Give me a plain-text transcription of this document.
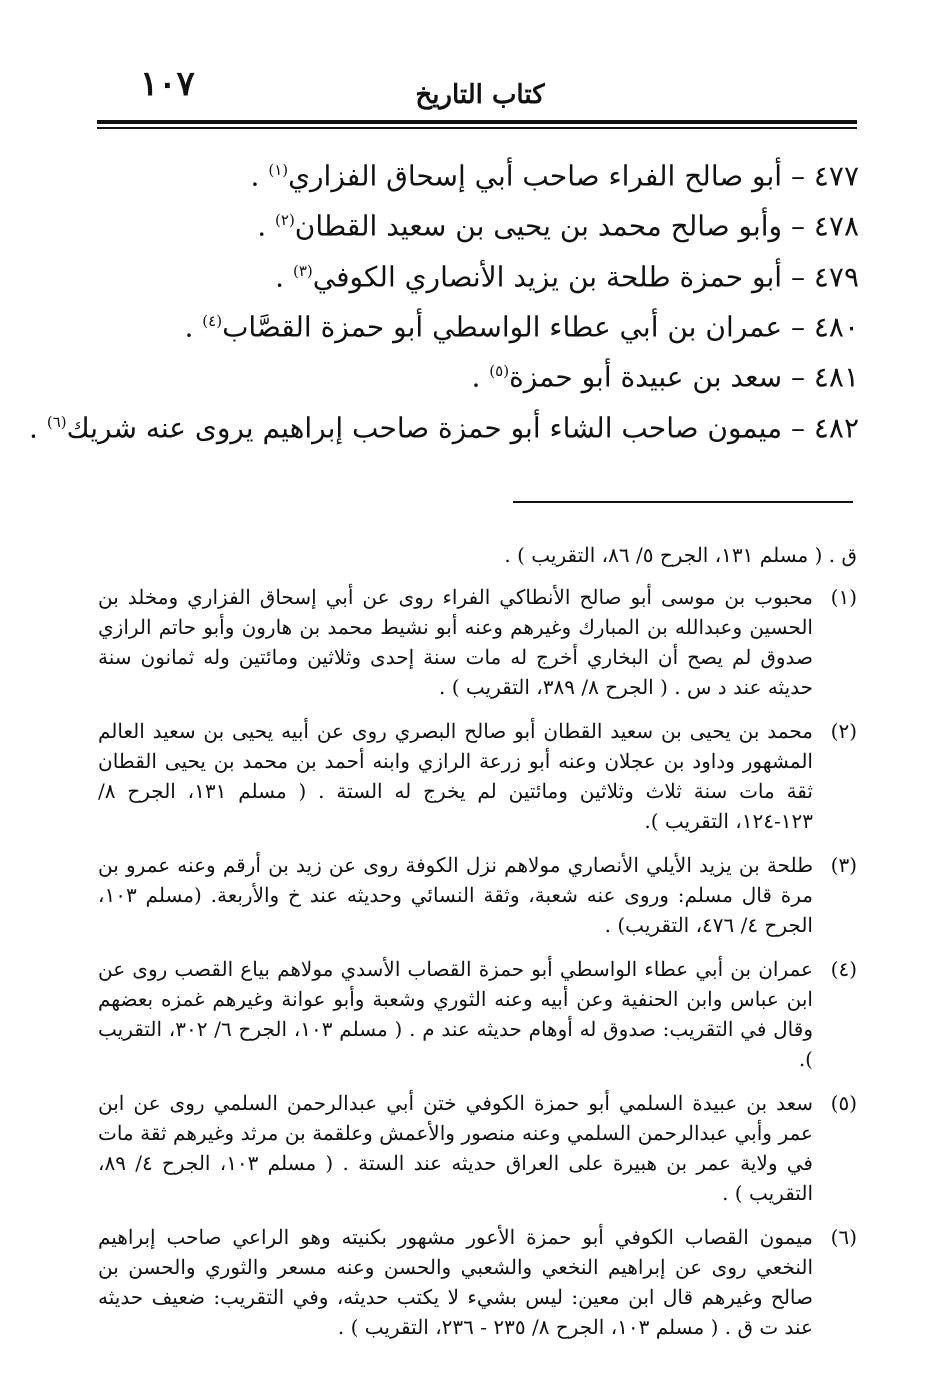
١٠٧	كتاب التاريخ
٤٧٧ – أبو صالح الفراء صاحب أبي إسحاق الفزاري$^{(١)}$ .
٤٧٨ – وأبو صالح محمد بن يحيى بن سعيد القطان$^{(٢)}$ .
٤٧٩ – أبو حمزة طلحة بن يزيد الأنصاري الكوفي$^{(٣)}$ .
٤٨٠ – عمران بن أبي عطاء الواسطي أبو حمزة القصَّاب$^{(٤)}$ .
٤٨١ – سعد بن عبيدة أبو حمزة$^{(٥)}$ .
٤٨٢ – ميمون صاحب الشاء أبو حمزة صاحب إبراهيم يروى عنه شريك$^{(٦)}$ .
ق . ( مسلم ١٣١، الجرح ٥/ ٨٦، التقريب ) .
(١)
محبوب بن موسى أبو صالح الأنطاكي الفراء روى عن أبي إسحاق الفزاري ومخلد بن الحسين وعبدالله بن المبارك وغيرهم وعنه أبو نشيط محمد بن هارون وأبو حاتم الرازي صدوق لم يصح أن البخاري أخرج له مات سنة إحدى وثلاثين ومائتين وله ثمانون سنة حديثه عند د س . ( الجرح ٨/ ٣٨٩، التقريب ) .
(٢)
محمد بن يحيى بن سعيد القطان أبو صالح البصري روى عن أبيه يحيى بن سعيد العالم المشهور وداود بن عجلان وعنه أبو زرعة الرازي وابنه أحمد بن محمد بن يحيى القطان ثقة مات سنة ثلاث وثلاثين ومائتين لم يخرج له الستة . ( مسلم ١٣١، الجرح ٨/ ١٢٣-١٢٤، التقريب ).
(٣)
طلحة بن يزيد الأيلي الأنصاري مولاهم نزل الكوفة روى عن زيد بن أرقم وعنه عمرو بن مرة قال مسلم: وروى عنه شعبة، وثقة النسائي وحديثه عند خ والأربعة. (مسلم ١٠٣، الجرح ٤/ ٤٧٦، التقريب) .
(٤)
عمران بن أبي عطاء الواسطي أبو حمزة القصاب الأسدي مولاهم بياع القصب روى عن ابن عباس وابن الحنفية وعن أبيه وعنه الثوري وشعبة وأبو عوانة وغيرهم غمزه بعضهم وقال في التقريب: صدوق له أوهام حديثه عند م . ( مسلم ١٠٣، الجرح ٦/ ٣٠٢، التقريب ).
(٥)
سعد بن عبيدة السلمي أبو حمزة الكوفي ختن أبي عبدالرحمن السلمي روى عن ابن عمر وأبي عبدالرحمن السلمي وعنه منصور والأعمش وعلقمة بن مرثد وغيرهم ثقة مات في ولاية عمر بن هبيرة على العراق حديثه عند الستة . ( مسلم ١٠٣، الجرح ٤/ ٨٩، التقريب ) .
(٦)
ميمون القصاب الكوفي أبو حمزة الأعور مشهور بكنيته وهو الراعي صاحب إبراهيم النخعي روى عن إبراهيم النخعي والشعبي والحسن وعنه مسعر والثوري والحسن بن صالح وغيرهم قال ابن معين: ليس بشيء لا يكتب حديثه، وفي التقريب: ضعيف حديثه عند ت ق . ( مسلم ١٠٣، الجرح ٨/ ٢٣٥ - ٢٣٦، التقريب ) .
